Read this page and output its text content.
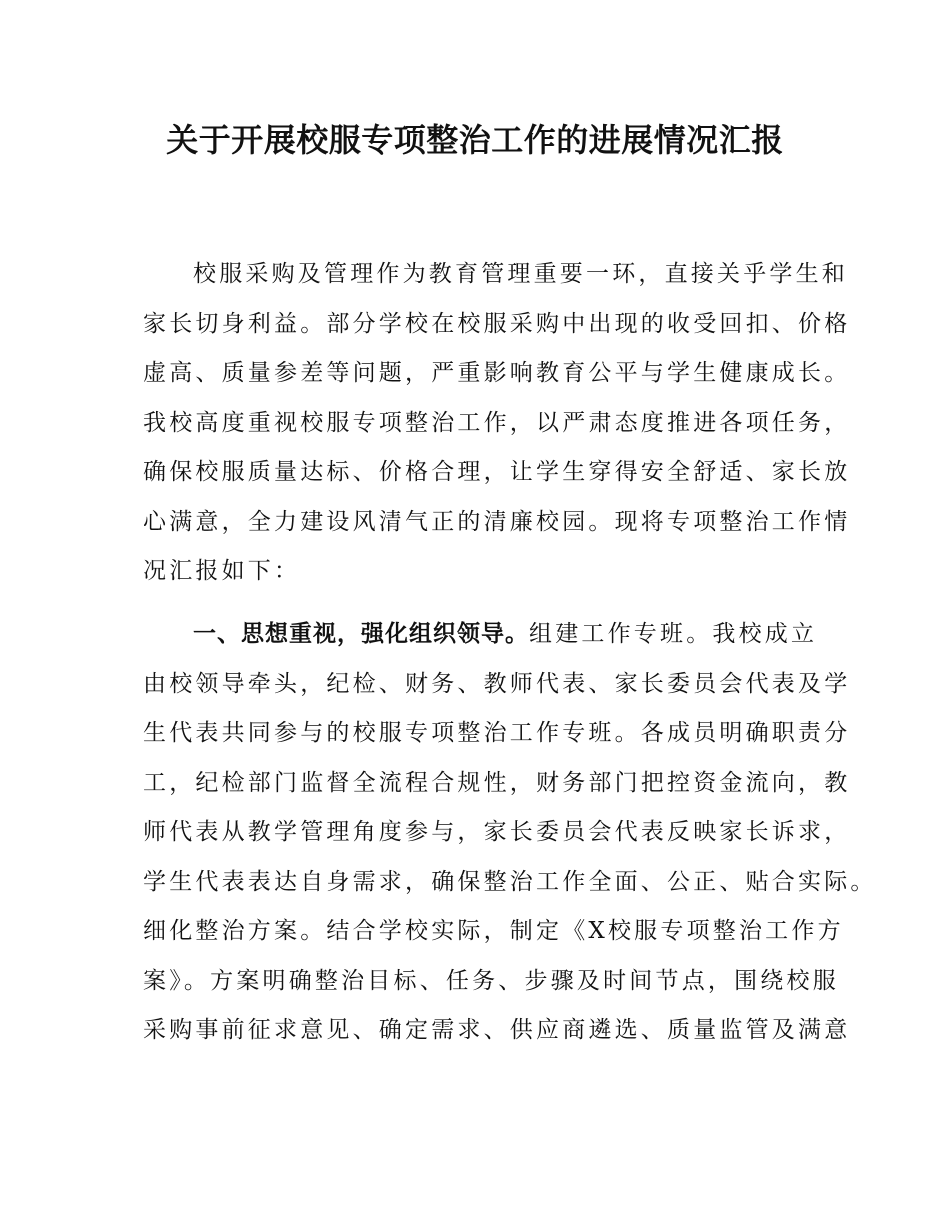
关于开展校服专项整治工作的进展情况汇报

校服采购及管理作为教育管理重要一环，直接关乎学生和
家长切身利益。部分学校在校服采购中出现的收受回扣、价格
虚高、质量参差等问题，严重影响教育公平与学生健康成长。
我校高度重视校服专项整治工作，以严肃态度推进各项任务，
确保校服质量达标、价格合理，让学生穿得安全舒适、家长放
心满意，全力建设风清气正的清廉校园。现将专项整治工作情
况汇报如下：

一、思想重视，强化组织领导。组建工作专班。我校成立
由校领导牵头，纪检、财务、教师代表、家长委员会代表及学
生代表共同参与的校服专项整治工作专班。各成员明确职责分
工，纪检部门监督全流程合规性，财务部门把控资金流向，教
师代表从教学管理角度参与，家长委员会代表反映家长诉求，
学生代表表达自身需求，确保整治工作全面、公正、贴合实际。
细化整治方案。结合学校实际，制定《X校服专项整治工作方
案》。方案明确整治目标、任务、步骤及时间节点，围绕校服
采购事前征求意见、确定需求、供应商遴选、质量监管及满意
